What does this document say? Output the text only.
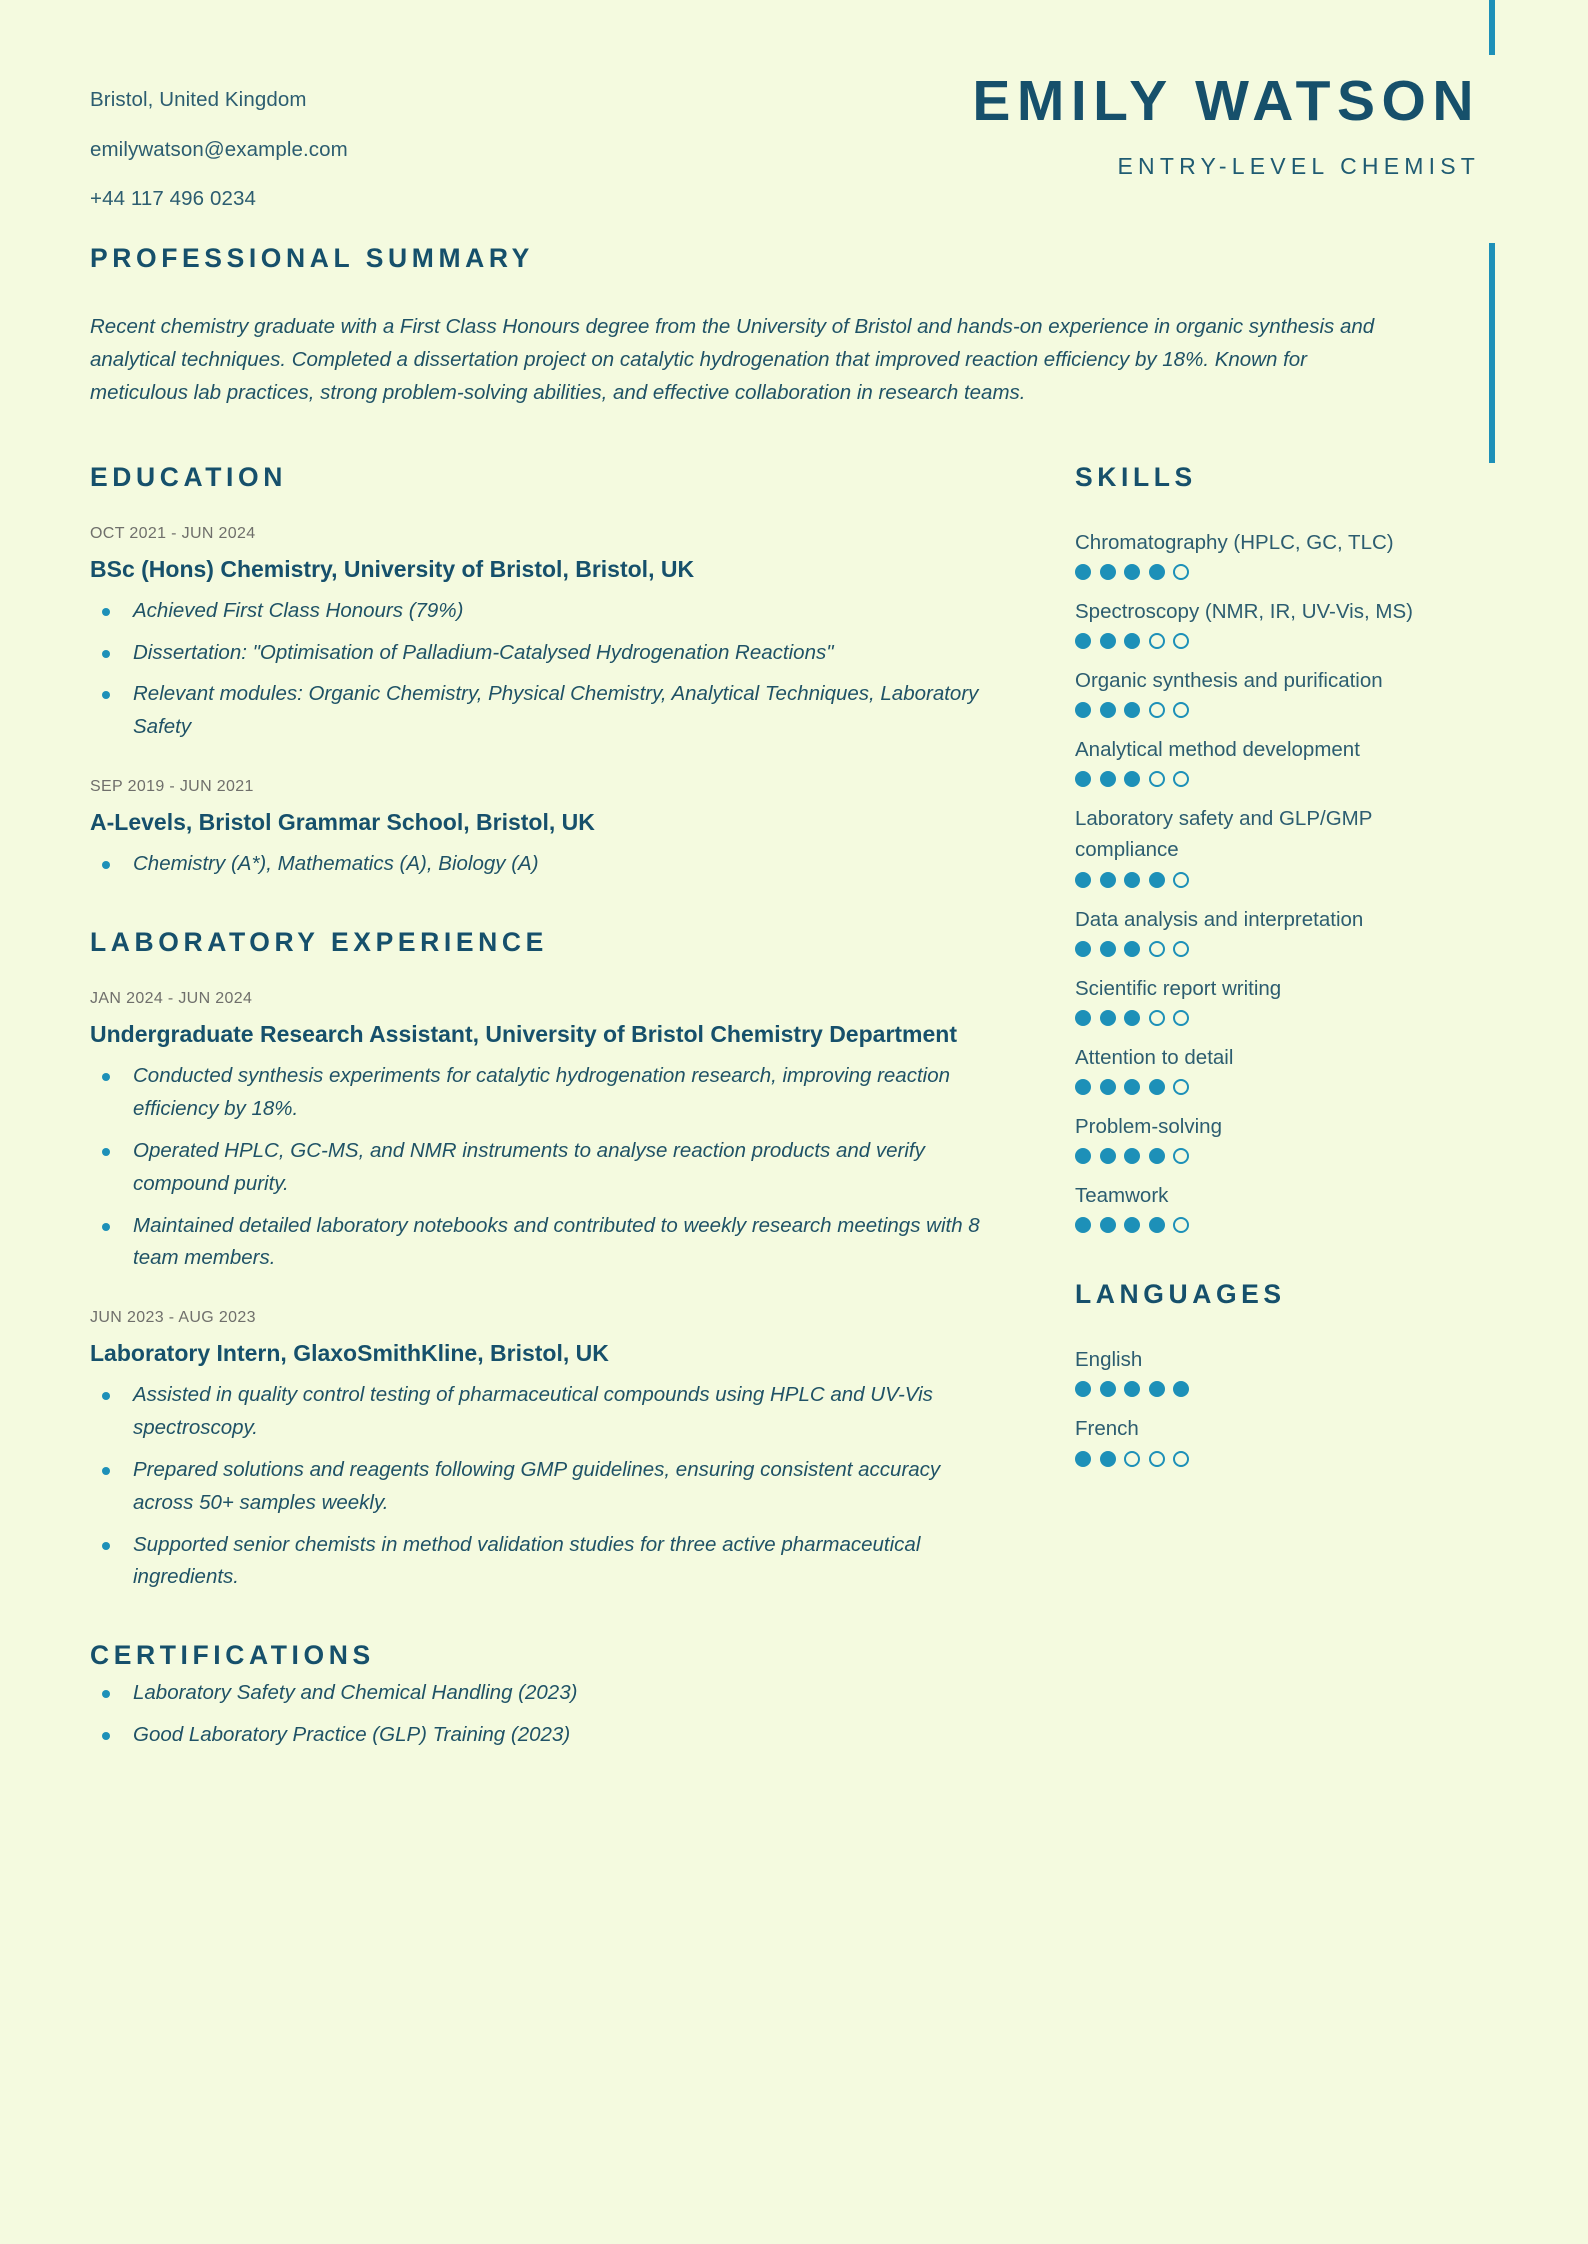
Bristol, United Kingdom
emilywatson@example.com
+44 117 496 0234
EMILY WATSON
ENTRY-LEVEL CHEMIST
PROFESSIONAL SUMMARY
Recent chemistry graduate with a First Class Honours degree from the University of Bristol and hands-on experience in organic synthesis and analytical techniques. Completed a dissertation project on catalytic hydrogenation that improved reaction efficiency by 18%. Known for meticulous lab practices, strong problem-solving abilities, and effective collaboration in research teams.
EDUCATION
OCT 2021 - JUN 2024
BSc (Hons) Chemistry, University of Bristol, Bristol, UK
Achieved First Class Honours (79%)
Dissertation: "Optimisation of Palladium-Catalysed Hydrogenation Reactions"
Relevant modules: Organic Chemistry, Physical Chemistry, Analytical Techniques, Laboratory Safety
SEP 2019 - JUN 2021
A-Levels, Bristol Grammar School, Bristol, UK
Chemistry (A*), Mathematics (A), Biology (A)
LABORATORY EXPERIENCE
JAN 2024 - JUN 2024
Undergraduate Research Assistant, University of Bristol Chemistry Department
Conducted synthesis experiments for catalytic hydrogenation research, improving reaction efficiency by 18%.
Operated HPLC, GC-MS, and NMR instruments to analyse reaction products and verify compound purity.
Maintained detailed laboratory notebooks and contributed to weekly research meetings with 8 team members.
JUN 2023 - AUG 2023
Laboratory Intern, GlaxoSmithKline, Bristol, UK
Assisted in quality control testing of pharmaceutical compounds using HPLC and UV-Vis spectroscopy.
Prepared solutions and reagents following GMP guidelines, ensuring consistent accuracy across 50+ samples weekly.
Supported senior chemists in method validation studies for three active pharmaceutical ingredients.
CERTIFICATIONS
Laboratory Safety and Chemical Handling (2023)
Good Laboratory Practice (GLP) Training (2023)
SKILLS
Chromatography (HPLC, GC, TLC)
Spectroscopy (NMR, IR, UV-Vis, MS)
Organic synthesis and purification
Analytical method development
Laboratory safety and GLP/GMP compliance
Data analysis and interpretation
Scientific report writing
Attention to detail
Problem-solving
Teamwork
LANGUAGES
English
French
